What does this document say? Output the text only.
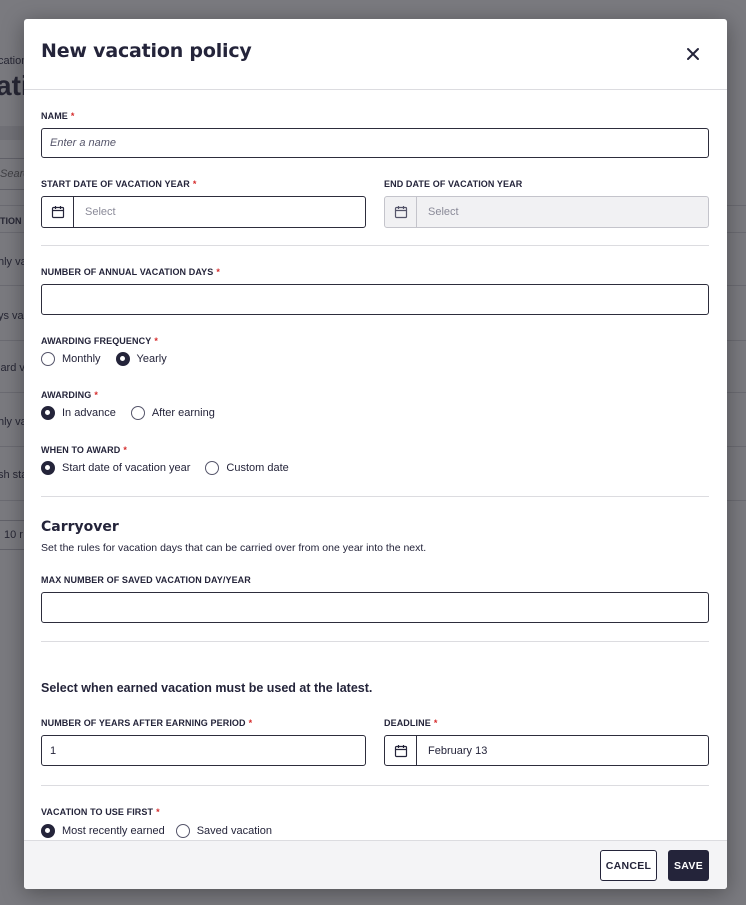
New vacation policy
NAME *
Enter a name
START DATE OF VACATION YEAR *
Select
END DATE OF VACATION YEAR
Select
NUMBER OF ANNUAL VACATION DAYS *
AWARDING FREQUENCY *
Monthly	Yearly
AWARDING *
In advance	After earning
WHEN TO AWARD *
Start date of vacation year	Custom date
Carryover
Set the rules for vacation days that can be carried over from one year into the next.
MAX NUMBER OF SAVED VACATION DAY/YEAR
Select when earned vacation must be used at the latest.
NUMBER OF YEARS AFTER EARNING PERIOD *
1
DEADLINE *
February 13
VACATION TO USE FIRST *
Most recently earned	Saved vacation
CANCEL	SAVE
